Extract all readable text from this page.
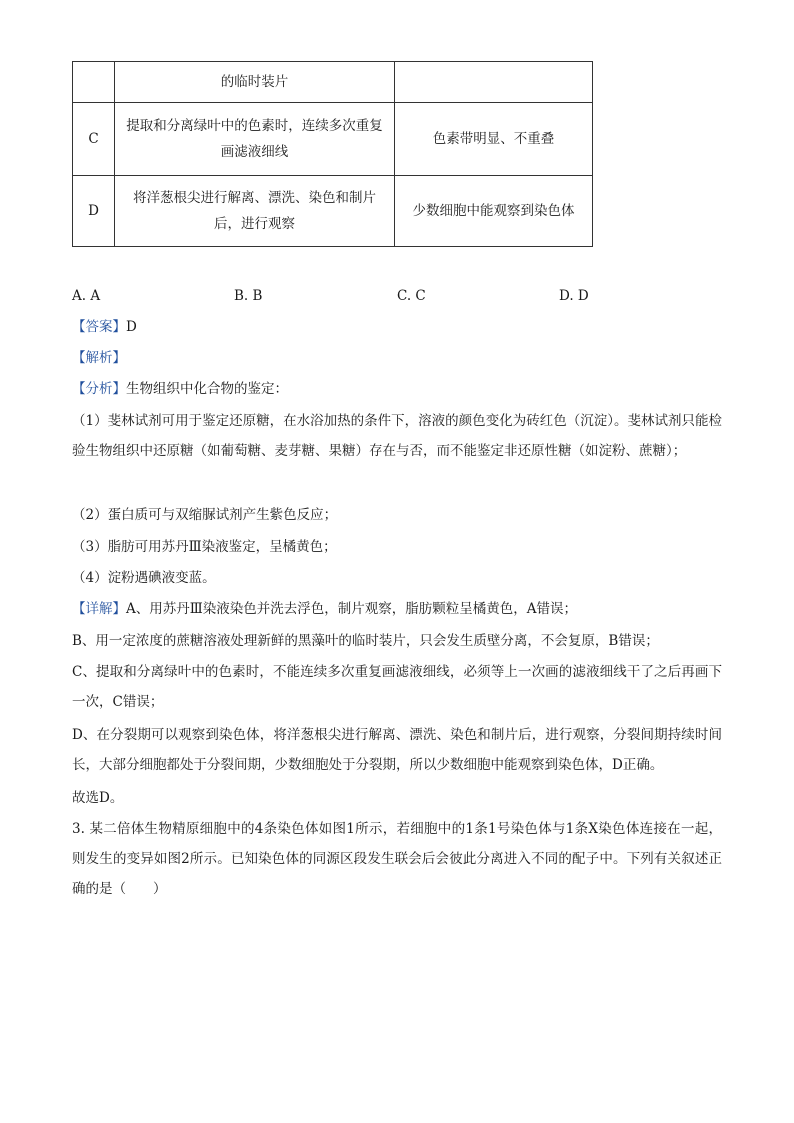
	的临时装片	
C	提取和分离绿叶中的色素时，连续多次重复画滤液细线	色素带明显、不重叠
D	将洋葱根尖进行解离、漂洗、染色和制片后，进行观察	少数细胞中能观察到染色体
A. A	B. B	C. C	D. D
【答案】D
【解析】
【分析】生物组织中化合物的鉴定：
（1）斐林试剂可用于鉴定还原糖，在水浴加热的条件下，溶液的颜色变化为砖红色（沉淀）。斐林试剂只能检验生物组织中还原糖（如葡萄糖、麦芽糖、果糖）存在与否，而不能鉴定非还原性糖（如淀粉、蔗糖）；
（2）蛋白质可与双缩脲试剂产生紫色反应；
（3）脂肪可用苏丹Ⅲ染液鉴定，呈橘黄色；
（4）淀粉遇碘液变蓝。
【详解】A、用苏丹Ⅲ染液染色并洗去浮色，制片观察，脂肪颗粒呈橘黄色，A错误；
B、用一定浓度的蔗糖溶液处理新鲜的黑藻叶的临时装片，只会发生质壁分离，不会复原，B错误；
C、提取和分离绿叶中的色素时，不能连续多次重复画滤液细线，必须等上一次画的滤液细线干了之后再画下一次，C错误；
D、在分裂期可以观察到染色体，将洋葱根尖进行解离、漂洗、染色和制片后，进行观察，分裂间期持续时间长，大部分细胞都处于分裂间期，少数细胞处于分裂期，所以少数细胞中能观察到染色体，D正确。
故选D。
3. 某二倍体生物精原细胞中的4条染色体如图1所示，若细胞中的1条1号染色体与1条X染色体连接在一起，则发生的变异如图2所示。已知染色体的同源区段发生联会后会彼此分离进入不同的配子中。下列有关叙述正确的是（　　）
